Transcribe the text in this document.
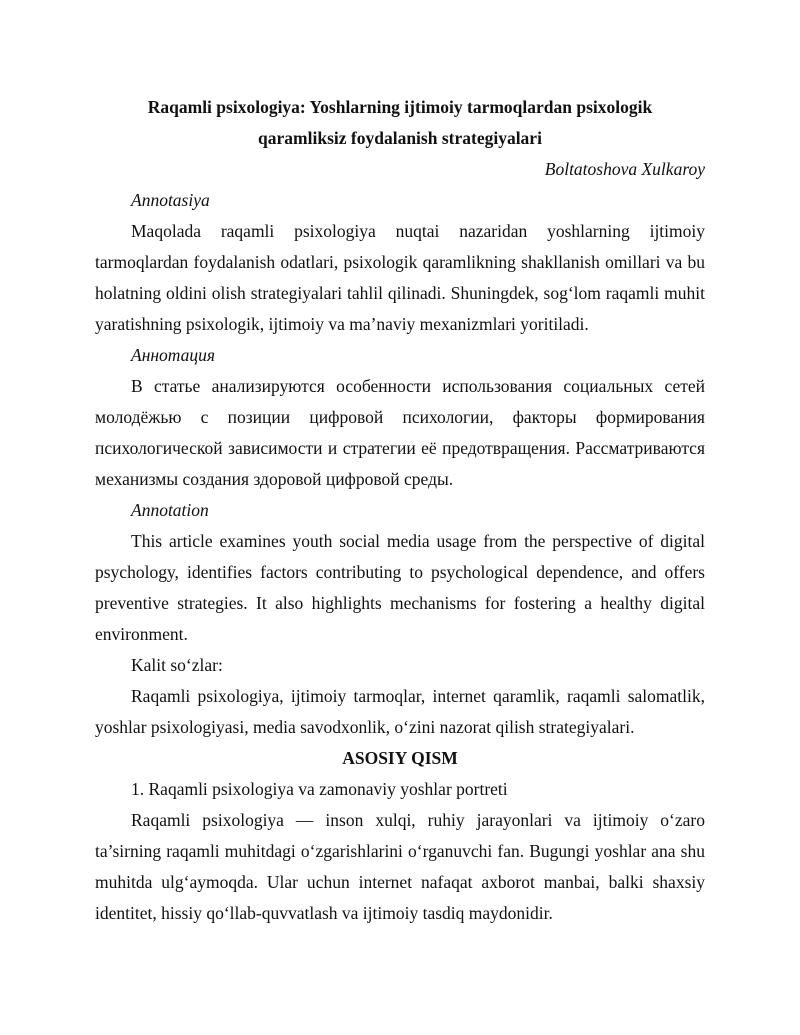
Raqamli psixologiya: Yoshlarning ijtimoiy tarmoqlardan psixologik qaramliksiz foydalanish strategiyalari

Boltatoshova Xulkaroy

Annotasiya

Maqolada raqamli psixologiya nuqtai nazaridan yoshlarning ijtimoiy tarmoqlardan foydalanish odatlari, psixologik qaramlikning shakllanish omillari va bu holatning oldini olish strategiyalari tahlil qilinadi. Shuningdek, sog‘lom raqamli muhit yaratishning psixologik, ijtimoiy va ma’naviy mexanizmlari yoritiladi.

Аннотация

В статье анализируются особенности использования социальных сетей молодёжью с позиции цифровой психологии, факторы формирования психологической зависимости и стратегии её предотвращения. Рассматриваются механизмы создания здоровой цифровой среды.

Annotation

This article examines youth social media usage from the perspective of digital psychology, identifies factors contributing to psychological dependence, and offers preventive strategies. It also highlights mechanisms for fostering a healthy digital environment.

Kalit so‘zlar:

Raqamli psixologiya, ijtimoiy tarmoqlar, internet qaramlik, raqamli salomatlik, yoshlar psixologiyasi, media savodxonlik, o‘zini nazorat qilish strategiyalari.

ASOSIY QISM

1. Raqamli psixologiya va zamonaviy yoshlar portreti

Raqamli psixologiya — inson xulqi, ruhiy jarayonlari va ijtimoiy o‘zaro ta’sirning raqamli muhitdagi o‘zgarishlarini o‘rganuvchi fan. Bugungi yoshlar ana shu muhitda ulg‘aymoqda. Ular uchun internet nafaqat axborot manbai, balki shaxsiy identitet, hissiy qo‘llab-quvvatlash va ijtimoiy tasdiq maydonidir.
